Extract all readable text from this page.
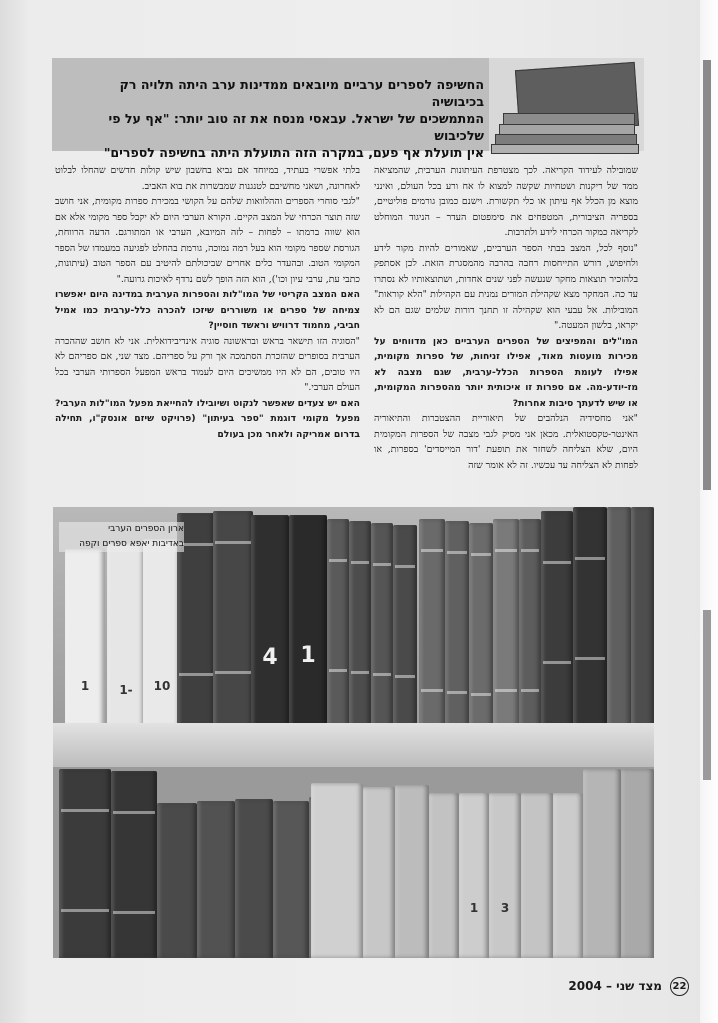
החשיפה לספרים ערביים מיובאים ממדינות ערב היתה תלויה רק בכיבושיה
המתמשכים של ישראל. עבאסי מנסח את זה טוב יותר: "אף על פי שלכיבוש
אין תועלת אף פעם, במקרה הזה התועלת היתה בחשיפה לספרים"

שמובילה לעידוד הקריאה. לכך מצטרפת העיתונות הערבית, שהמציאה ממד של ריקנות ושטחיות שקשה למצוא לו אח ורע בכל העולם, ואינני מוצא מן הכלל אף עיתון או כלי תקשורת. וישנם כמובן גורמים פוליטיים, בספריה הציבורית, המטפחים את סימפטום העדר – הניגוד המוחלט לקריאה כמקור הכרחי לידע ולתרבות.

"נוסף לכל, המצב בבתי הספר הערביים, שאמורים להיות מקור לידע ולחיפוש, דורש התייחסות רחבה בהרבה מהמסגרת הזאת. לכן אסתפק בלהזכיר תוצאות מחקר שנעשה לפני שנים אחדות, ושתוצאותיו לא נסתרו עד כה. המחקר מצא שקהילת המורים נמנית עם הקהילות "הלא קוראות" המובילות. אל עבעי הוא שקהילה זו תחנך דורות שלמים שגם הם לא יקראו, בלשון המעטה."

המו"לים והמפיצים של הספרים הערביים כאן מדווחים על מכירות מועטות מאוד, אפילו זניחות, של ספרות מקומית, אפילו לעומת הספרות הכלל-ערבית, שגם מצבה לא מז-יודע-מה. אם ספרות זו איכותית יותר מהספרות המקומית, או שיש לדעתך סיבות אחרות?

"אני מחסידיה הנלהבים של תיאוריית ההצטברות והתיאוריה האינטר-טקסטואלית. מכאן אני מסיק לגבי מצבה של הספרות המקומית היום, שלא הצליחה לשחזר את תופעת 'דור המייסדים' בספרות, או לפחות לא הצליחה עד עכשיו. זה לא אומר שזה

בלתי אפשרי בעתיד, במיוחד אם נביא בחשבון שיש קולות חדשים שהחלו לבלוט לאחרונה, ושאני מחשיבם לטנגנות שמבשרות את בוא האביב.

"לגבי סוחרי הספרים וההלוואות שלהם על הקושי במכירת ספרות מקומית, אני חושב שזה תוצר הכרחי של המצב הקיים. הקורא הערבי היום לא יקבל ספר מקומי אלא אם הוא שווה ברמתו – לפחות – לזה המיובא, הערבי או המתורגם. הדעה הרווחת, הגורסת שספר מקומי הוא בעל רמה נמוכה, גורמת בהחלט לפגיעה במעמדו של הספר המקומי הטוב. ובהעדר כלים אחרים שביכולתם להיטיב עם הספר הטוב (עיתונות, כתבי עת, ערבי עיון וכו'), הוא הזה הופך לשם נרדף לאיכות גרועה."

האם המצב הקריטי של המו"לות והספרות הערבית במדינה היום יאפשרו צמיחה של ספרים או משוררים שיזכו להכרה כלל-ערבית כמו אמיל חביבי, מחמוד דרוויש וראשד חוסיין?

"הסוגיה הזו תישאר בראש ובראשונה סוגיה אינדיבידואלית. אני לא חושב שההכרה הערבית בסופרים שהזכרת הסתמכה אך ורק על ספריהם. מצד שני, אם ספריהם לא היו טובים, הם לא היו ממשיכים היום לעמוד בראש המפעל הספרותי הערבי בכל העולם הערבי."

האם יש צעדים שאפשר לנקוט ושיובילו להחייאת מפעל המו"לות הערבי? מפעל מקומי דוגמת "ספר בעיתון" (פרויקט שיזם אונסק"ו, תחילה בדרום אמריקה ולאחר מכן בעולם

1	1-	10
4	1
1	3
ארון הספרים הערבי
באדיבות יאפא ספרים וקפה
22
מצד שני – 2004
